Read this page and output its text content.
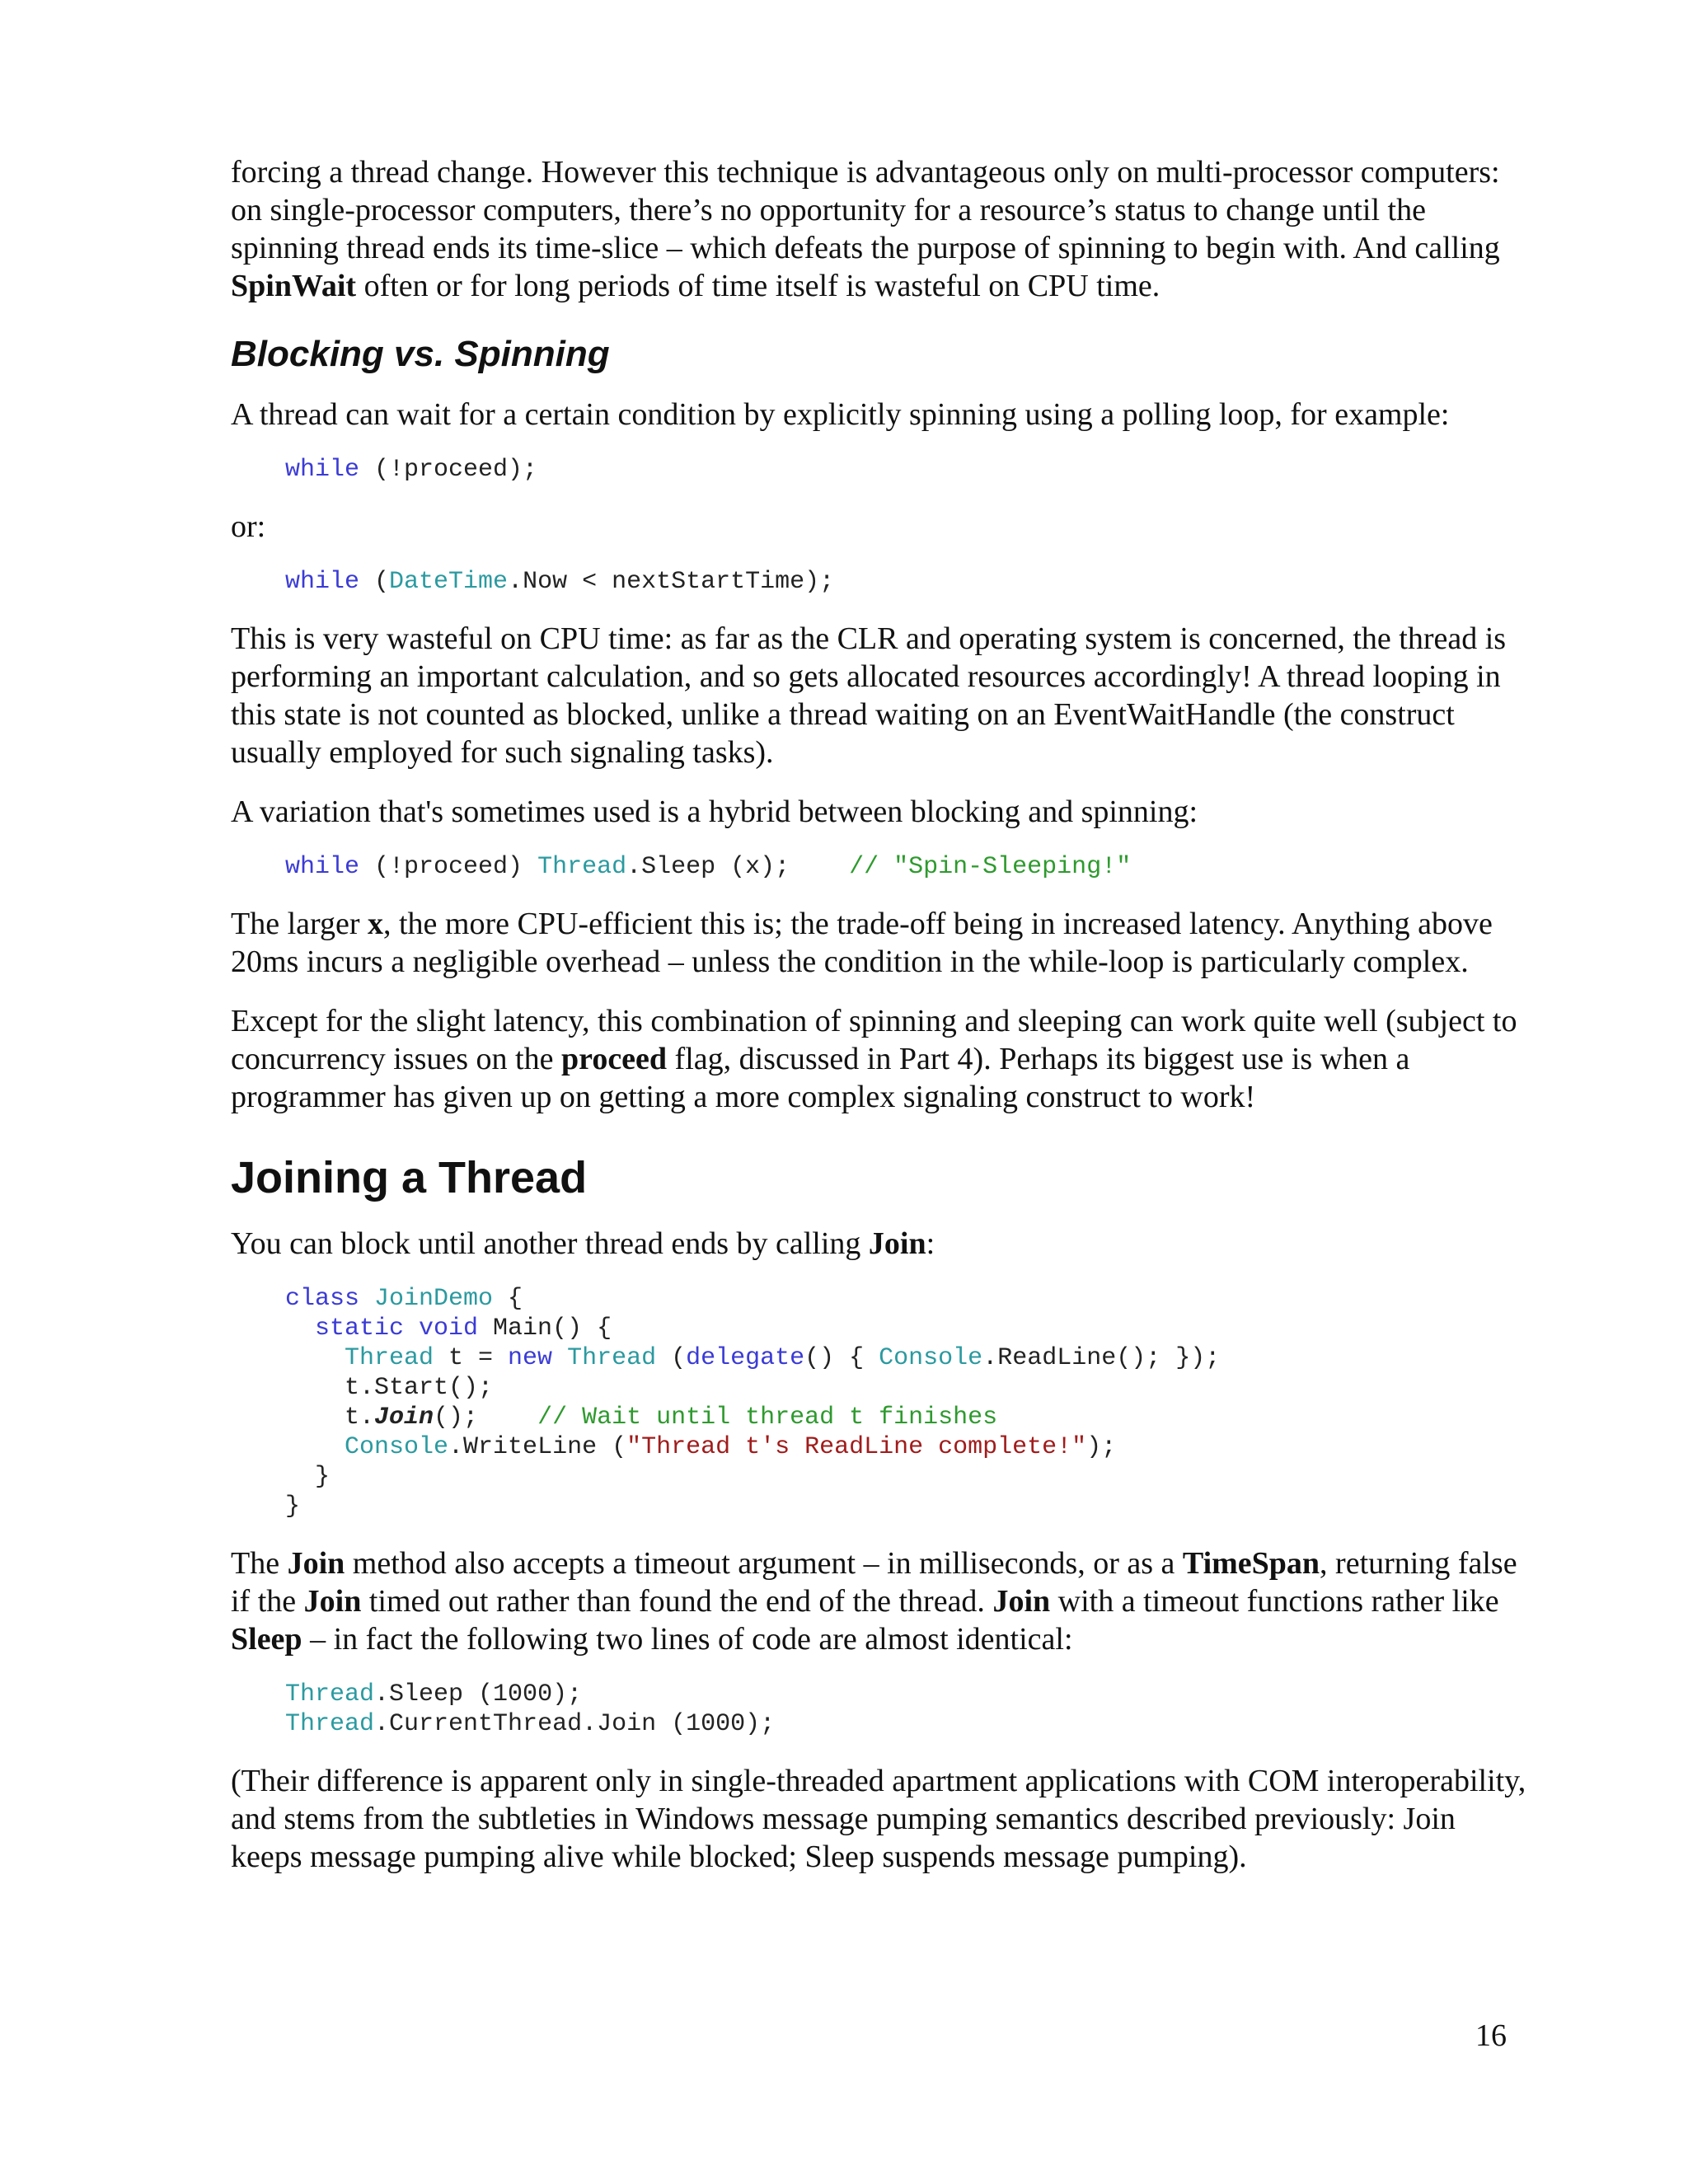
forcing a thread change. However this technique is advantageous only on multi-processor computers: on single-processor computers, there’s no opportunity for a resource’s status to change until the spinning thread ends its time-slice – which defeats the purpose of spinning to begin with. And calling SpinWait often or for long periods of time itself is wasteful on CPU time.

Blocking vs. Spinning

A thread can wait for a certain condition by explicitly spinning using a polling loop, for example:

while (!proceed);

or:

while (DateTime.Now < nextStartTime);

This is very wasteful on CPU time: as far as the CLR and operating system is concerned, the thread is performing an important calculation, and so gets allocated resources accordingly! A thread looping in this state is not counted as blocked, unlike a thread waiting on an EventWaitHandle (the construct usually employed for such signaling tasks).

A variation that's sometimes used is a hybrid between blocking and spinning:

while (!proceed) Thread.Sleep (x);    // "Spin-Sleeping!"

The larger x, the more CPU-efficient this is; the trade-off being in increased latency. Anything above 20ms incurs a negligible overhead – unless the condition in the while-loop is particularly complex.

Except for the slight latency, this combination of spinning and sleeping can work quite well (subject to concurrency issues on the proceed flag, discussed in Part 4). Perhaps its biggest use is when a programmer has given up on getting a more complex signaling construct to work!

Joining a Thread

You can block until another thread ends by calling Join:

class JoinDemo {
static void Main() {
Thread t = new Thread (delegate() { Console.ReadLine(); });
t.Start();
t.Join();    // Wait until thread t finishes
Console.WriteLine ("Thread t's ReadLine complete!");
}
}

The Join method also accepts a timeout argument – in milliseconds, or as a TimeSpan, returning false if the Join timed out rather than found the end of the thread. Join with a timeout functions rather like Sleep – in fact the following two lines of code are almost identical:

Thread.Sleep (1000);
Thread.CurrentThread.Join (1000);

(Their difference is apparent only in single-threaded apartment applications with COM interoperability, and stems from the subtleties in Windows message pumping semantics described previously: Join keeps message pumping alive while blocked; Sleep suspends message pumping).

16
